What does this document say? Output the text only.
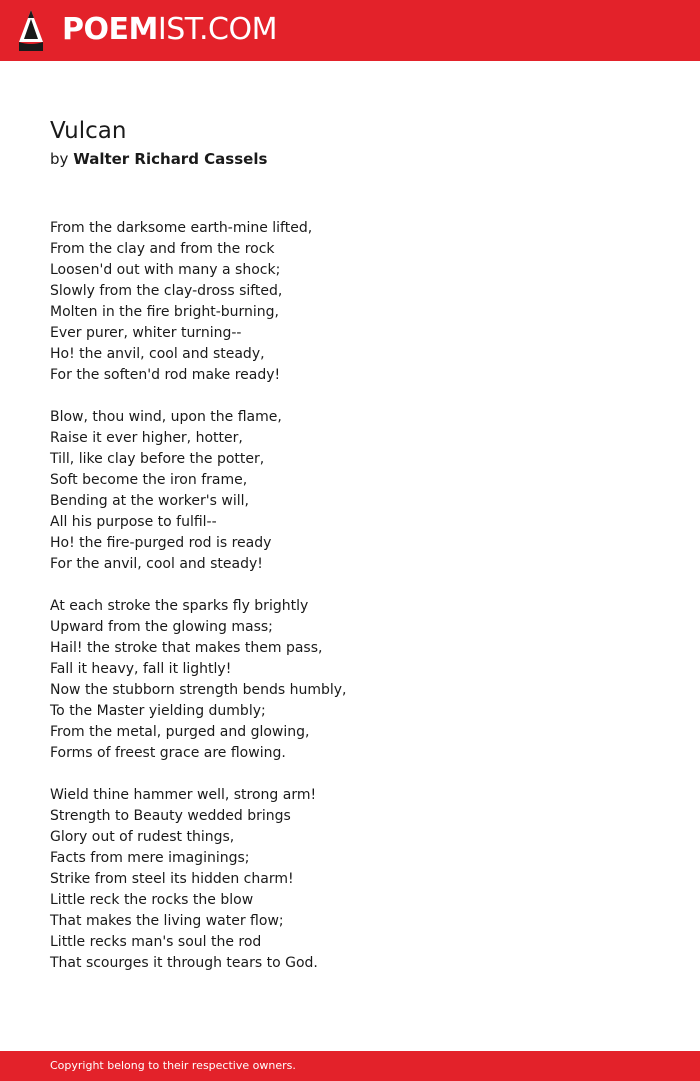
POEMIST.COM
Vulcan
by Walter Richard Cassels
From the darksome earth-mine lifted,
From the clay and from the rock
Loosen'd out with many a shock;
Slowly from the clay-dross sifted,
Molten in the fire bright-burning,
Ever purer, whiter turning--
Ho! the anvil, cool and steady,
For the soften'd rod make ready!
Blow, thou wind, upon the flame,
Raise it ever higher, hotter,
Till, like clay before the potter,
Soft become the iron frame,
Bending at the worker's will,
All his purpose to fulfil--
Ho! the fire-purged rod is ready
For the anvil, cool and steady!
At each stroke the sparks fly brightly
Upward from the glowing mass;
Hail! the stroke that makes them pass,
Fall it heavy, fall it lightly!
Now the stubborn strength bends humbly,
To the Master yielding dumbly;
From the metal, purged and glowing,
Forms of freest grace are flowing.
Wield thine hammer well, strong arm!
Strength to Beauty wedded brings
Glory out of rudest things,
Facts from mere imaginings;
Strike from steel its hidden charm!
Little reck the rocks the blow
That makes the living water flow;
Little recks man's soul the rod
That scourges it through tears to God.
Copyright belong to their respective owners.
